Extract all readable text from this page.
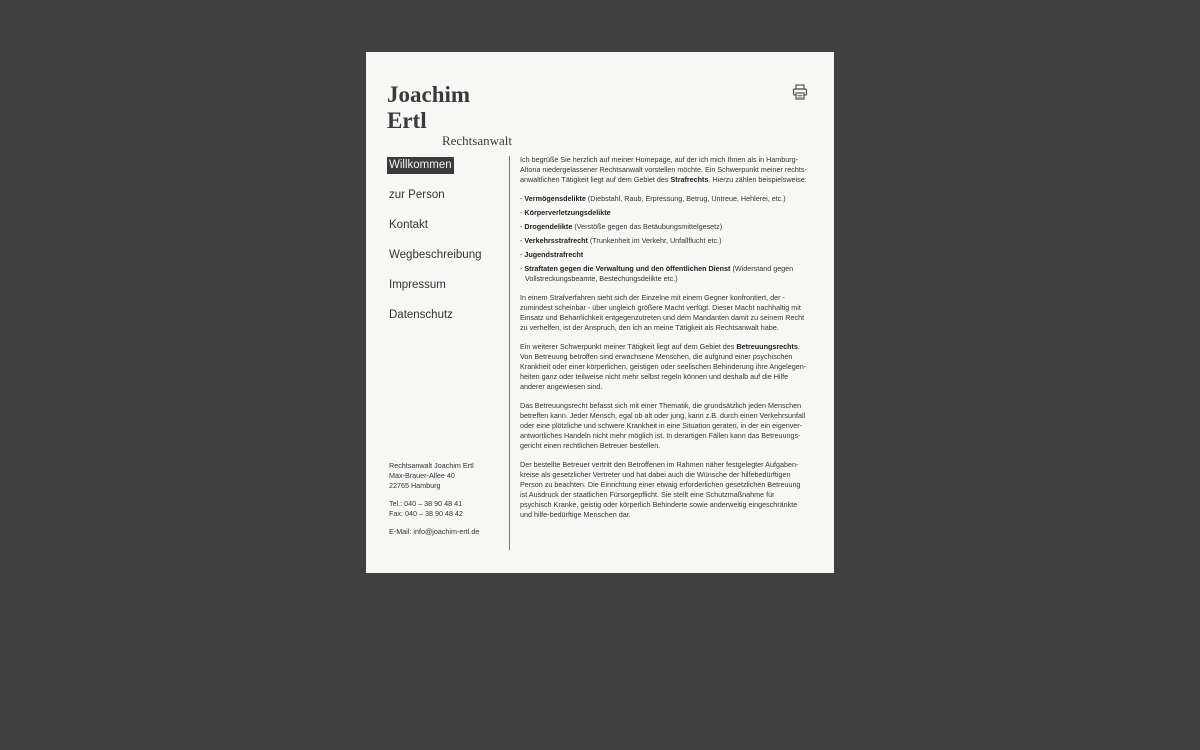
Joachim Ertl
Rechtsanwalt
Willkommen
zur Person
Kontakt
Wegbeschreibung
Impressum
Datenschutz
Rechtsanwalt Joachim Ertl
Max-Brauer-Allee 40
22765 Hamburg
Tel.: 040 – 38 90 48 41
Fax: 040 – 38 90 48 42
E-Mail: info@joachim-ertl.de

Ich begrüße Sie herzlich auf meiner Homepage, auf der ich mich Ihnen als in Hamburg-Altona niedergelassener Rechtsanwalt vorstellen möchte. Ein Schwerpunkt meiner rechts-anwaltlichen Tätigkeit liegt auf dem Gebiet des Strafrechts. Hierzu zählen beispielsweise:

- Vermögensdelikte (Diebstahl, Raub, Erpressung, Betrug, Untreue, Hehlerei, etc.)
- Körperverletzungsdelikte
- Drogendelikte (Verstöße gegen das Betäubungsmittelgesetz)
- Verkehrsstrafrecht (Trunkenheit im Verkehr, Unfallflucht etc.)
- Jugendstrafrecht
- Straftaten gegen die Verwaltung und den öffentlichen Dienst (Widerstand gegen Vollstreckungsbeamte, Bestechungsdelikte etc.)

In einem Strafverfahren sieht sich der Einzelne mit einem Gegner konfrontiert, der - zumindest scheinbar - über ungleich größere Macht verfügt. Dieser Macht nachhaltig mit Einsatz und Beharrlichkeit entgegenzutreten und dem Mandanten damit zu seinem Recht zu verhelfen, ist der Anspruch, den ich an meine Tätigkeit als Rechtsanwalt habe.

Ein weiterer Schwerpunkt meiner Tätigkeit liegt auf dem Gebiet des Betreuungsrechts. Von Betreuung betroffen sind erwachsene Menschen, die aufgrund einer psychischen Krankheit oder einer körperlichen, geistigen oder seelischen Behinderung ihre Angelegen-heiten ganz oder teilweise nicht mehr selbst regeln können und deshalb auf die Hilfe anderer angewiesen sind.

Das Betreuungsrecht befasst sich mit einer Thematik, die grundsätzlich jeden Menschen betreffen kann. Jeder Mensch, egal ob alt oder jung, kann z.B. durch einen Verkehrsunfall oder eine plötzliche und schwere Krankheit in eine Situation geraten, in der ein eigenver-antwortliches Handeln nicht mehr möglich ist. In derartigen Fällen kann das Betreuungs-gericht einen rechtlichen Betreuer bestellen.

Der bestellte Betreuer vertritt den Betroffenen im Rahmen näher festgelegter Aufgaben-kreise als gesetzlicher Vertreter und hat dabei auch die Wünsche der hilfebedürftigen Person zu beachten. Die Einrichtung einer etwaig erforderlichen gesetzlichen Betreuung ist Ausdruck der staatlichen Fürsorgepflicht. Sie stellt eine Schutzmaßnahme für psychisch Kranke, geistig oder körperlich Behinderte sowie anderweitig eingeschränkte und hilfe-bedürftige Menschen dar.
